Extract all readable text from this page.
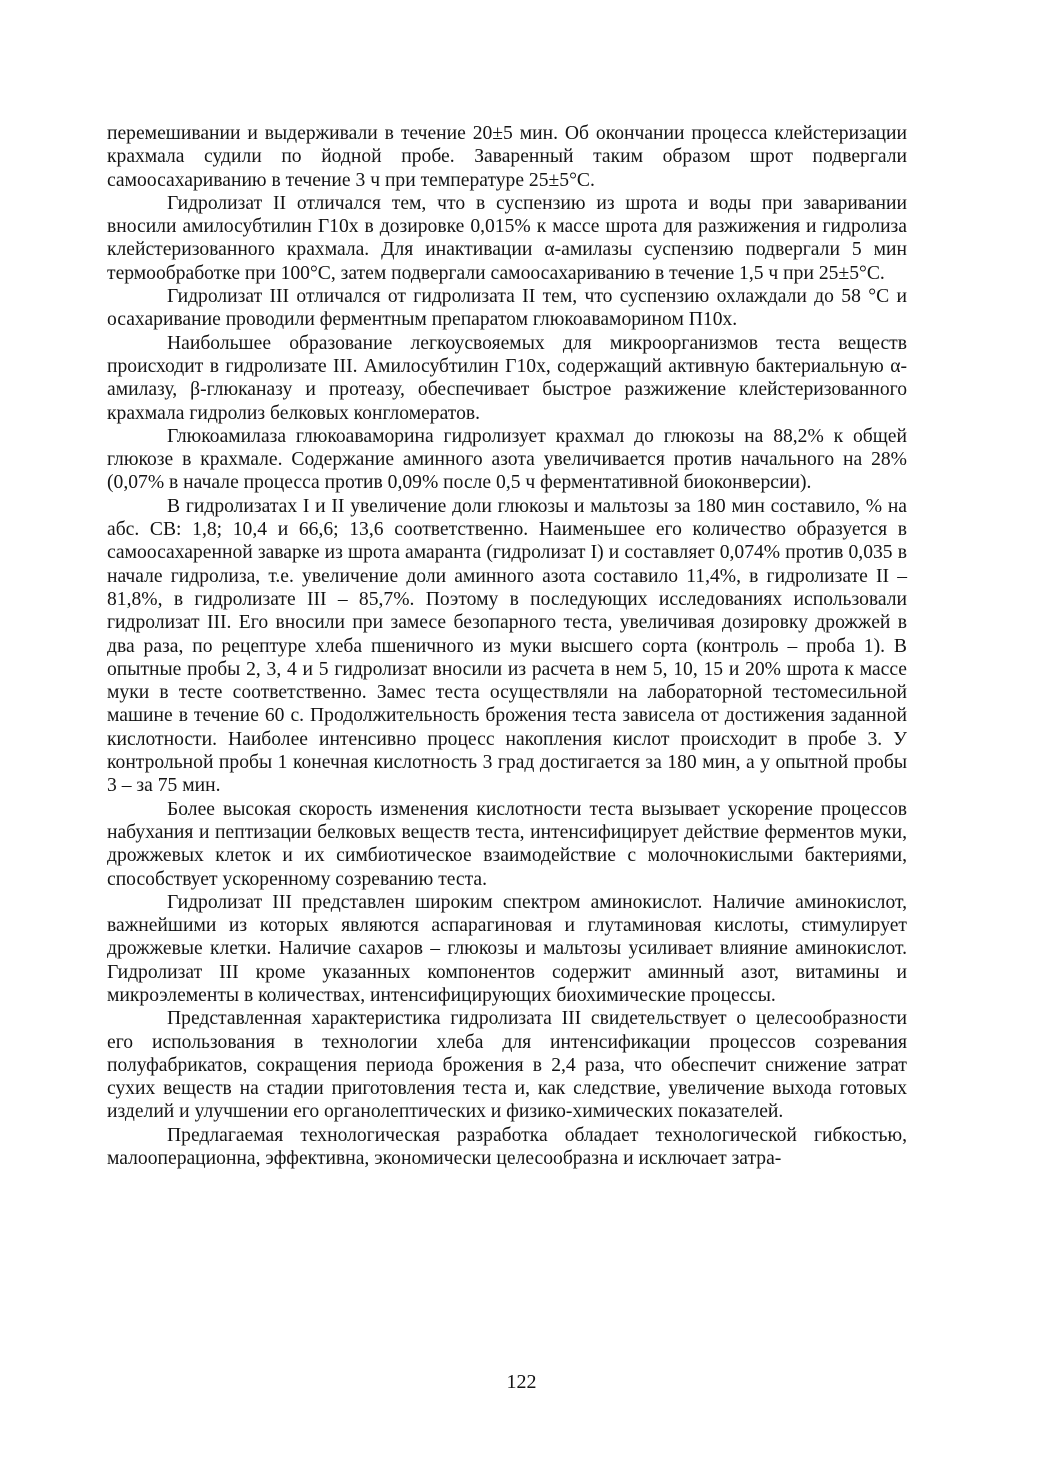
перемешивании и выдерживали в течение 20±5 мин. Об окончании процесса клейстеризации крахмала судили по йодной пробе. Заваренный таким образом шрот подвергали самоосахариванию в течение 3 ч при температуре 25±5°С.

Гидролизат II отличался тем, что в суспензию из шрота и воды при заваривании вносили амилосубтилин Г10х в дозировке 0,015% к массе шрота для разжижения и гидролиза клейстеризованного крахмала. Для инактивации α-амилазы суспензию подвергали 5 мин термообработке при 100°С, затем подвергали самоосахариванию в течение 1,5 ч при 25±5°С.

Гидролизат III отличался от гидролизата II тем, что суспензию охлаждали до 58 °С и осахаривание проводили ферментным препаратом глюкоаваморином П10х.

Наибольшее образование легкоусвояемых для микроорганизмов теста веществ происходит в гидролизате III. Амилосубтилин Г10х, содержащий активную бактериальную α-амилазу, β-глюканазу и протеазу, обеспечивает быстрое разжижение клейстеризованного крахмала гидролиз белковых конгломератов.

Глюкоамилаза глюкоаваморина гидролизует крахмал до глюкозы на 88,2% к общей глюкозе в крахмале. Содержание аминного азота увеличивается против начального на 28% (0,07% в начале процесса против 0,09% после 0,5 ч ферментативной биоконверсии).

В гидролизатах I и II увеличение доли глюкозы и мальтозы за 180 мин составило, % на абс. СВ: 1,8; 10,4 и 66,6; 13,6 соответственно. Наименьшее его количество образуется в самоосахаренной заварке из шрота амаранта (гидролизат I) и составляет 0,074% против 0,035 в начале гидролиза, т.е. увеличение доли аминного азота составило 11,4%, в гидролизате II – 81,8%, в гидролизате III – 85,7%. Поэтому в последующих исследованиях использовали гидролизат III. Его вносили при замесе безопарного теста, увеличивая дозировку дрожжей в два раза, по рецептуре хлеба пшеничного из муки высшего сорта (контроль – проба 1). В опытные пробы 2, 3, 4 и 5 гидролизат вносили из расчета в нем 5, 10, 15 и 20% шрота к массе муки в тесте соответственно. Замес теста осуществляли на лабораторной тестомесильной машине в течение 60 с. Продолжительность брожения теста зависела от достижения заданной кислотности. Наиболее интенсивно процесс накопления кислот происходит в пробе 3. У контрольной пробы 1 конечная кислотность 3 град достигается за 180 мин, а у опытной пробы 3 – за 75 мин.

Более высокая скорость изменения кислотности теста вызывает ускорение процессов набухания и пептизации белковых веществ теста, интенсифицирует действие ферментов муки, дрожжевых клеток и их симбиотическое взаимодействие с молочнокислыми бактериями, способствует ускоренному созреванию теста.

Гидролизат III представлен широким спектром аминокислот. Наличие аминокислот, важнейшими из которых являются аспарагиновая и глутаминовая кислоты, стимулирует дрожжевые клетки. Наличие сахаров – глюкозы и мальтозы усиливает влияние аминокислот. Гидролизат III кроме указанных компонентов содержит аминный азот, витамины и микроэлементы в количествах, интенсифицирующих биохимические процессы.

Представленная характеристика гидролизата III свидетельствует о целесообразности его использования в технологии хлеба для интенсификации процессов созревания полуфабрикатов, сокращения периода брожения в 2,4 раза, что обеспечит снижение затрат сухих веществ на стадии приготовления теста и, как следствие, увеличение выхода готовых изделий и улучшении его органолептических и физико-химических показателей.

Предлагаемая технологическая разработка обладает технологической гибкостью, малооперационна, эффективна, экономически целесообразна и исключает затра-

122
